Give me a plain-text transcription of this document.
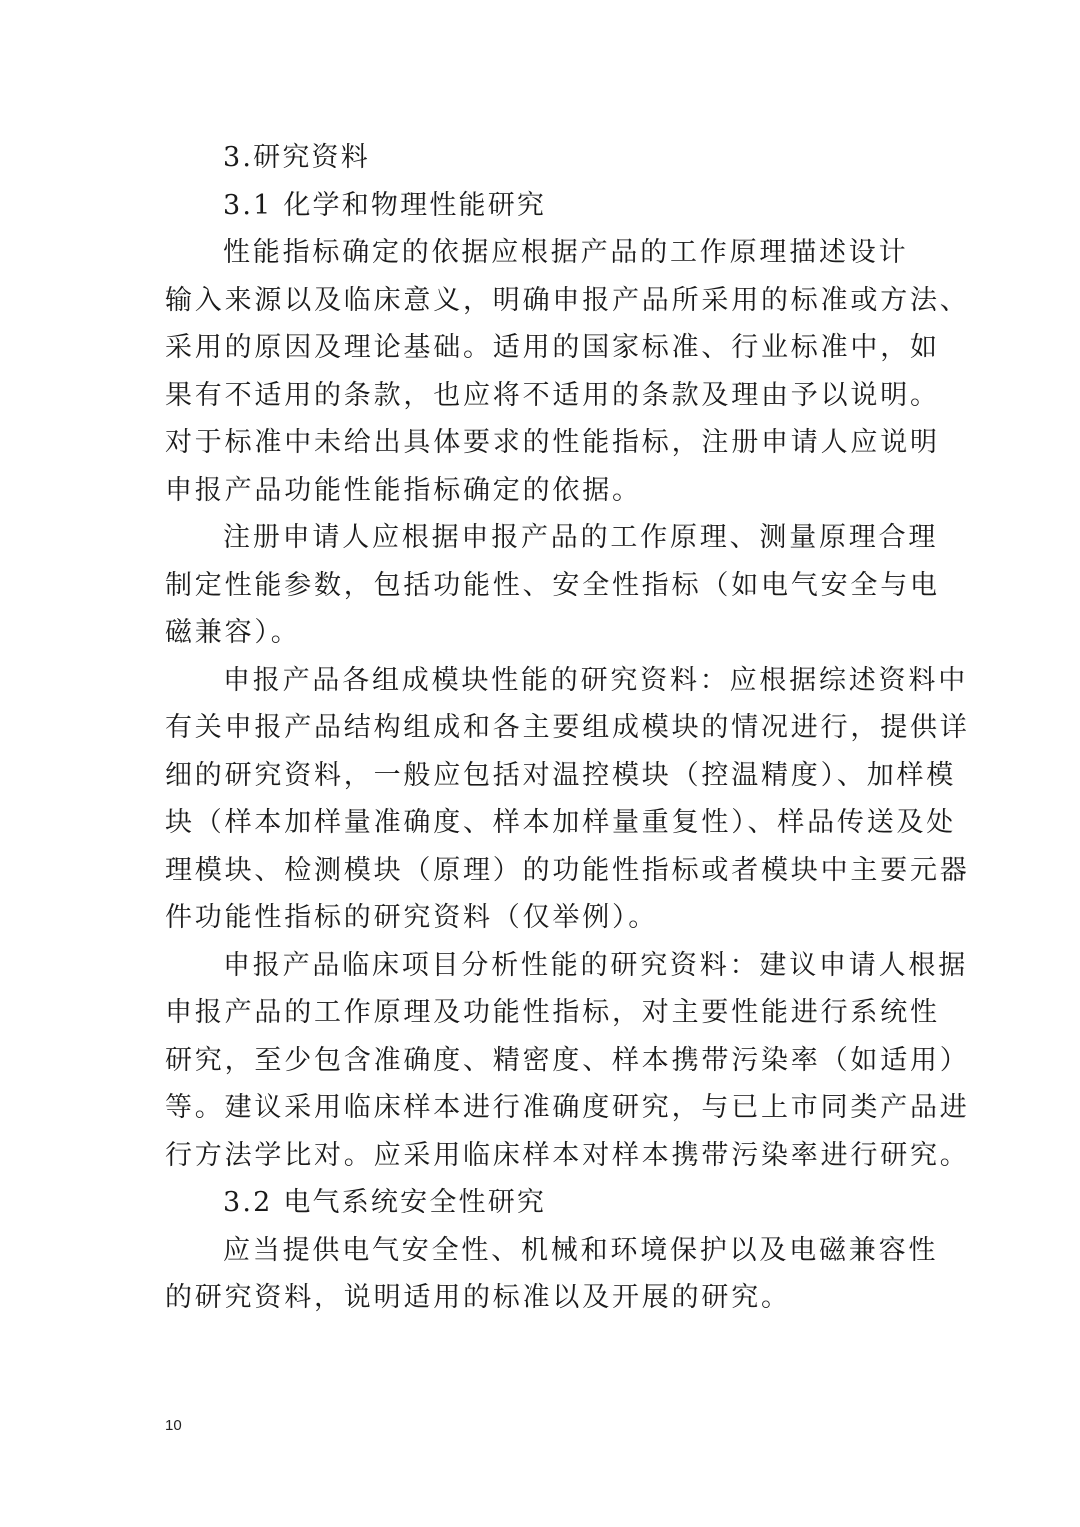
3.研究资料
3.1 化学和物理性能研究
性能指标确定的依据应根据产品的工作原理描述设计
输入来源以及临床意义，明确申报产品所采用的标准或方法、
采用的原因及理论基础。适用的国家标准、行业标准中，如
果有不适用的条款，也应将不适用的条款及理由予以说明。
对于标准中未给出具体要求的性能指标，注册申请人应说明
申报产品功能性能指标确定的依据。
注册申请人应根据申报产品的工作原理、测量原理合理
制定性能参数，包括功能性、安全性指标（如电气安全与电
磁兼容）。
申报产品各组成模块性能的研究资料：应根据综述资料中
有关申报产品结构组成和各主要组成模块的情况进行，提供详
细的研究资料，一般应包括对温控模块（控温精度）、加样模
块（样本加样量准确度、样本加样量重复性）、样品传送及处
理模块、检测模块（原理）的功能性指标或者模块中主要元器
件功能性指标的研究资料（仅举例）。
申报产品临床项目分析性能的研究资料：建议申请人根据
申报产品的工作原理及功能性指标，对主要性能进行系统性
研究，至少包含准确度、精密度、样本携带污染率（如适用）
等。建议采用临床样本进行准确度研究，与已上市同类产品进
行方法学比对。应采用临床样本对样本携带污染率进行研究。
3.2 电气系统安全性研究
应当提供电气安全性、机械和环境保护以及电磁兼容性
的研究资料，说明适用的标准以及开展的研究。
10
